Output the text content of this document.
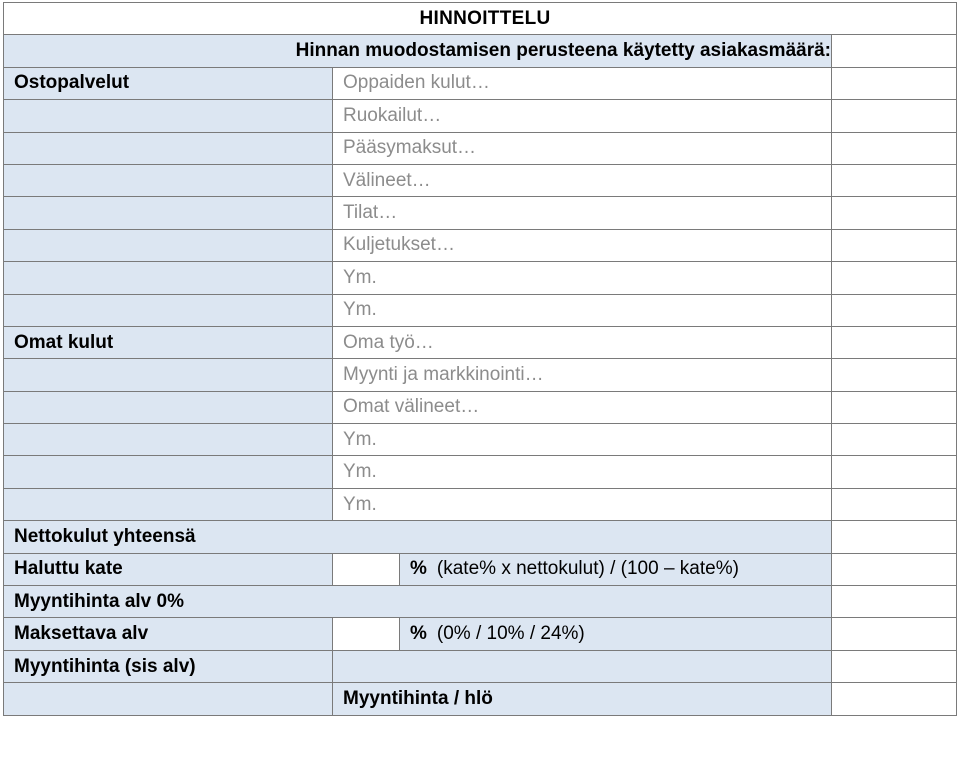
HINNOITTELU			
Hinnan muodostamisen perusteena käytetty asiakasmäärä:			
Ostopalvelut	Oppaiden kulut…		
	Ruokailut…		
	Pääsymaksut…		
	Välineet…		
	Tilat…		
	Kuljetukset…		
	Ym.		
	Ym.		
Omat kulut	Oma työ…		
	Myynti ja markkinointi…		
	Omat välineet…		
	Ym.		
	Ym.		
	Ym.		
Nettokulut yhteensä			
Haluttu kate		% (kate% x nettokulut) / (100 – kate%)	
Myyntihinta alv 0%			
Maksettava alv		% (0% / 10% / 24%)	
Myyntihinta (sis alv)			
	Myyntihinta / hlö		
